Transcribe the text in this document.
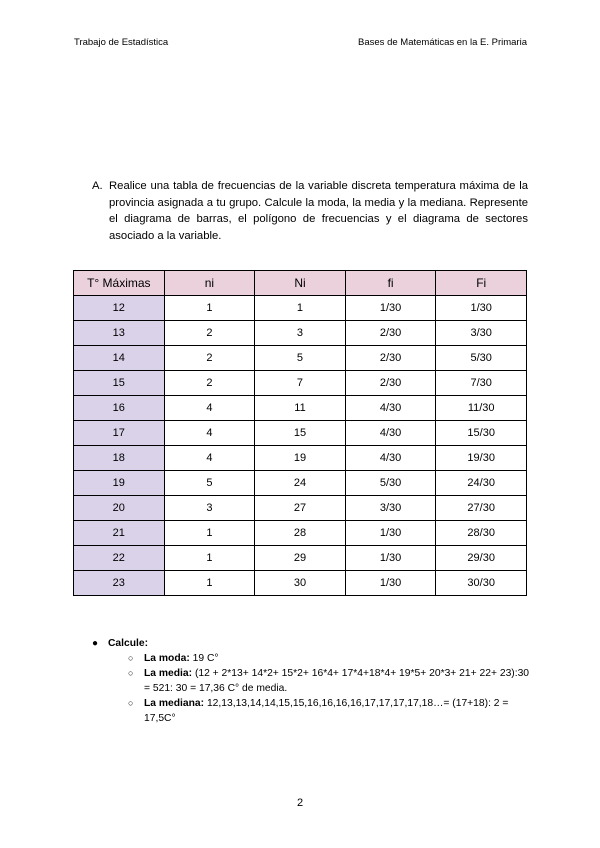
Trabajo de Estadística	Bases de Matemáticas en la E. Primaria
A. Realice una tabla de frecuencias de la variable discreta temperatura máxima de la provincia asignada a tu grupo. Calcule la moda, la media y la mediana. Represente el diagrama de barras, el polígono de frecuencias y el diagrama de sectores asociado a la variable.
T° Máximas	ni	Ni	fi	Fi
12	1	1	1/30	1/30
13	2	3	2/30	3/30
14	2	5	2/30	5/30
15	2	7	2/30	7/30
16	4	11	4/30	11/30
17	4	15	4/30	15/30
18	4	19	4/30	19/30
19	5	24	5/30	24/30
20	3	27	3/30	27/30
21	1	28	1/30	28/30
22	1	29	1/30	29/30
23	1	30	1/30	30/30
● Calcule:
○	La moda: 19 C°
○	La media: (12 + 2*13+ 14*2+ 15*2+ 16*4+ 17*4+18*4+ 19*5+ 20*3+ 21+ 22+ 23):30 = 521: 30 = 17,36 C° de media.
○	La mediana: 12,13,13,14,14,15,15,16,16,16,16,17,17,17,17,18…= (17+18): 2 = 17,5C°
2
